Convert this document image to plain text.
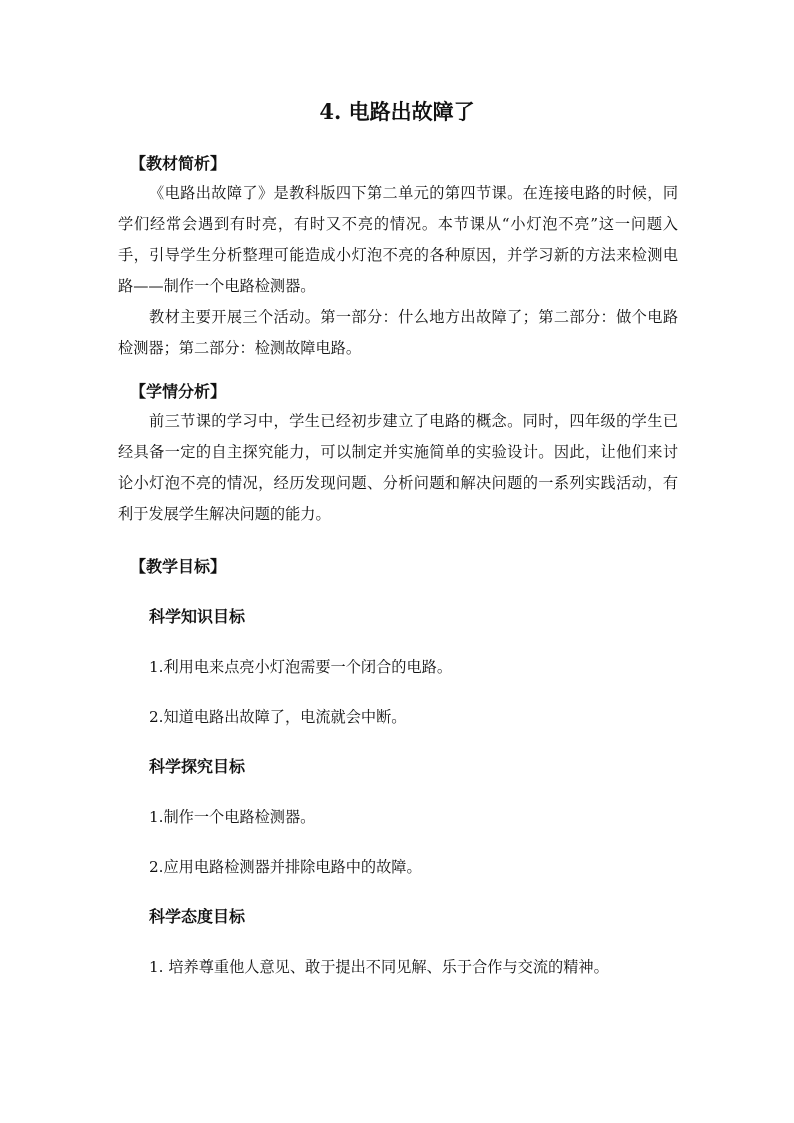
4. 电路出故障了

【教材简析】

《电路出故障了》是教科版四下第二单元的第四节课。在连接电路的时候，同学们经常会遇到有时亮，有时又不亮的情况。本节课从“小灯泡不亮”这一问题入手，引导学生分析整理可能造成小灯泡不亮的各种原因，并学习新的方法来检测电路——制作一个电路检测器。

教材主要开展三个活动。第一部分：什么地方出故障了；第二部分：做个电路检测器；第二部分：检测故障电路。

【学情分析】

前三节课的学习中，学生已经初步建立了电路的概念。同时，四年级的学生已经具备一定的自主探究能力，可以制定并实施简单的实验设计。因此，让他们来讨论小灯泡不亮的情况，经历发现问题、分析问题和解决问题的一系列实践活动，有利于发展学生解决问题的能力。

【教学目标】

科学知识目标

1.利用电来点亮小灯泡需要一个闭合的电路。

2.知道电路出故障了，电流就会中断。

科学探究目标

1.制作一个电路检测器。

2.应用电路检测器并排除电路中的故障。

科学态度目标

1. 培养尊重他人意见、敢于提出不同见解、乐于合作与交流的精神。
